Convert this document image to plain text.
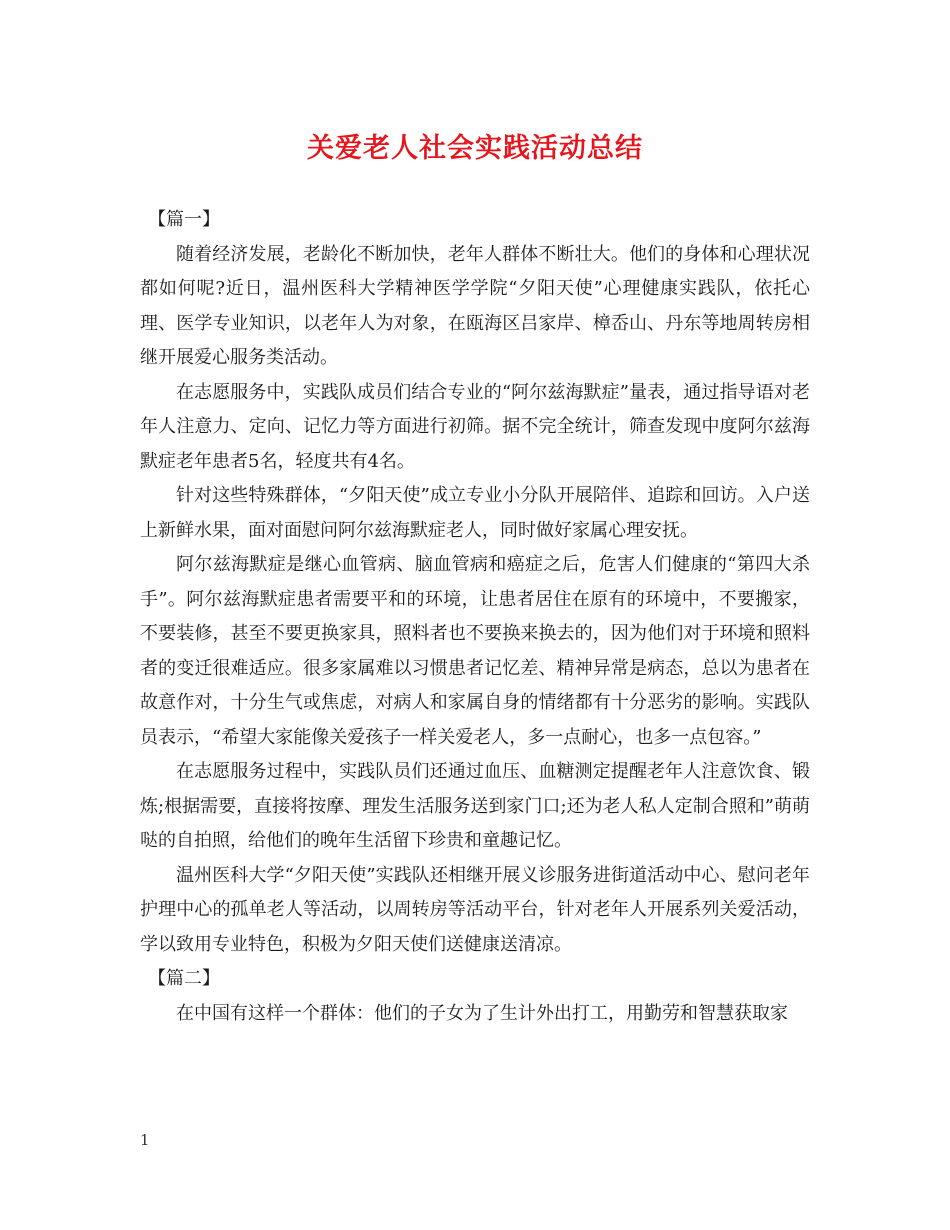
关爱老人社会实践活动总结

【篇一】

随着经济发展，老龄化不断加快，老年人群体不断壮大。他们的身体和心理状况都如何呢?近日，温州医科大学精神医学学院“夕阳天使”心理健康实践队，依托心理、医学专业知识，以老年人为对象，在瓯海区吕家岸、樟岙山、丹东等地周转房相继开展爱心服务类活动。

在志愿服务中，实践队成员们结合专业的“阿尔兹海默症”量表，通过指导语对老年人注意力、定向、记忆力等方面进行初筛。据不完全统计，筛查发现中度阿尔兹海默症老年患者5名，轻度共有4名。

针对这些特殊群体，“夕阳天使”成立专业小分队开展陪伴、追踪和回访。入户送上新鲜水果，面对面慰问阿尔兹海默症老人，同时做好家属心理安抚。

阿尔兹海默症是继心血管病、脑血管病和癌症之后，危害人们健康的“第四大杀手”。阿尔兹海默症患者需要平和的环境，让患者居住在原有的环境中，不要搬家，不要装修，甚至不要更换家具，照料者也不要换来换去的，因为他们对于环境和照料者的变迁很难适应。很多家属难以习惯患者记忆差、精神异常是病态，总以为患者在故意作对，十分生气或焦虑，对病人和家属自身的情绪都有十分恶劣的影响。实践队员表示，“希望大家能像关爱孩子一样关爱老人，多一点耐心，也多一点包容。”

在志愿服务过程中，实践队员们还通过血压、血糖测定提醒老年人注意饮食、锻炼;根据需要，直接将按摩、理发生活服务送到家门口;还为老人私人定制合照和”萌萌哒的自拍照，给他们的晚年生活留下珍贵和童趣记忆。

温州医科大学“夕阳天使”实践队还相继开展义诊服务进街道活动中心、慰问老年护理中心的孤单老人等活动，以周转房等活动平台，针对老年人开展系列关爱活动，学以致用专业特色，积极为夕阳天使们送健康送清凉。

【篇二】

在中国有这样一个群体：他们的子女为了生计外出打工，用勤劳和智慧获取家

1
